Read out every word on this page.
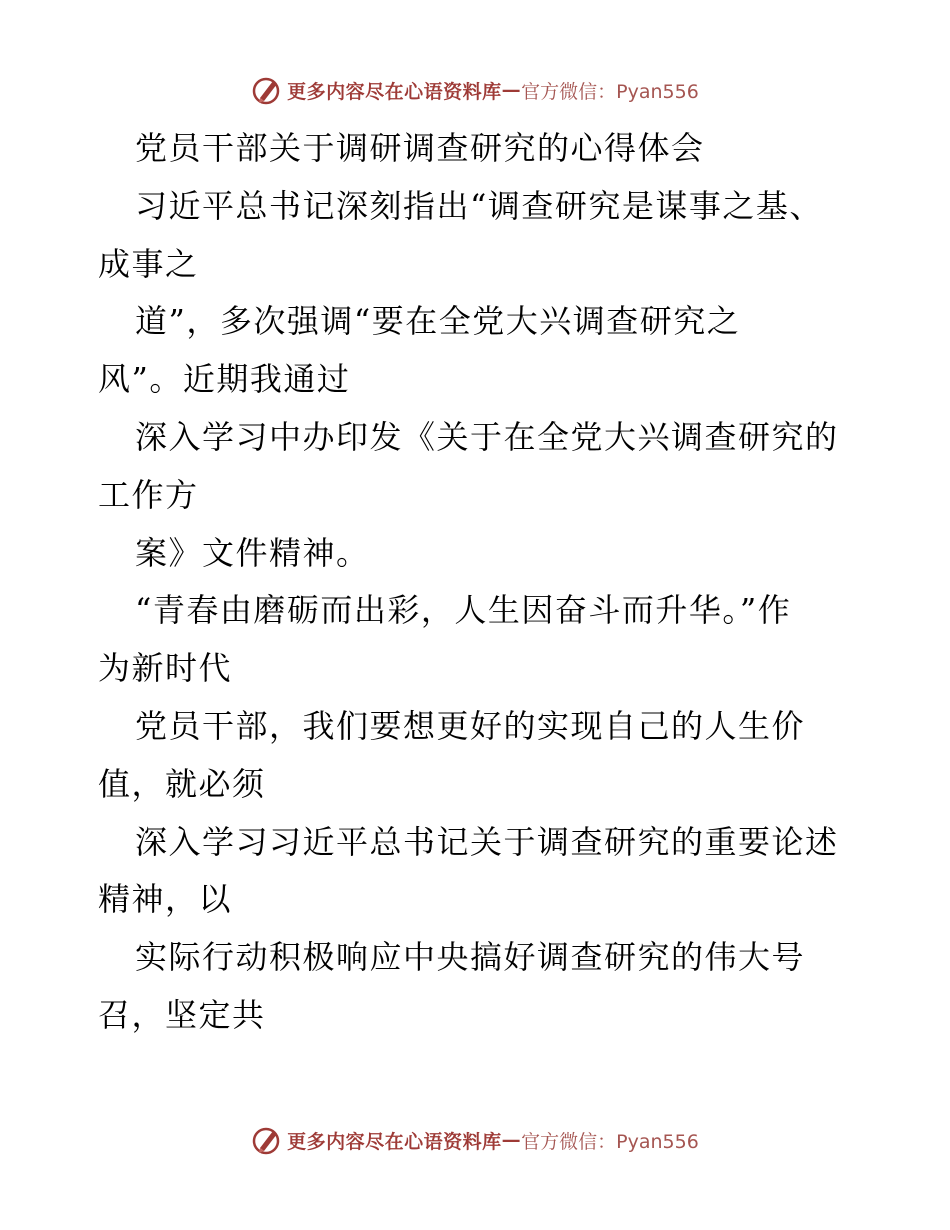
更多内容尽在心语资料库 — 官方微信：Pyan556
党员干部关于调研调查研究的心得体会
习近平总书记深刻指出“调查研究是谋事之基、
成事之
道”，多次强调“要在全党大兴调查研究之
风”。近期我通过
深入学习中办印发《关于在全党大兴调查研究的
工作方
案》文件精神。
“青春由磨砺而出彩，人生因奋斗而升华。”作
为新时代
党员干部，我们要想更好的实现自己的人生价
值，就必须
深入学习习近平总书记关于调查研究的重要论述
精神，以
实际行动积极响应中央搞好调查研究的伟大号
召，坚定共
更多内容尽在心语资料库 — 官方微信：Pyan556
